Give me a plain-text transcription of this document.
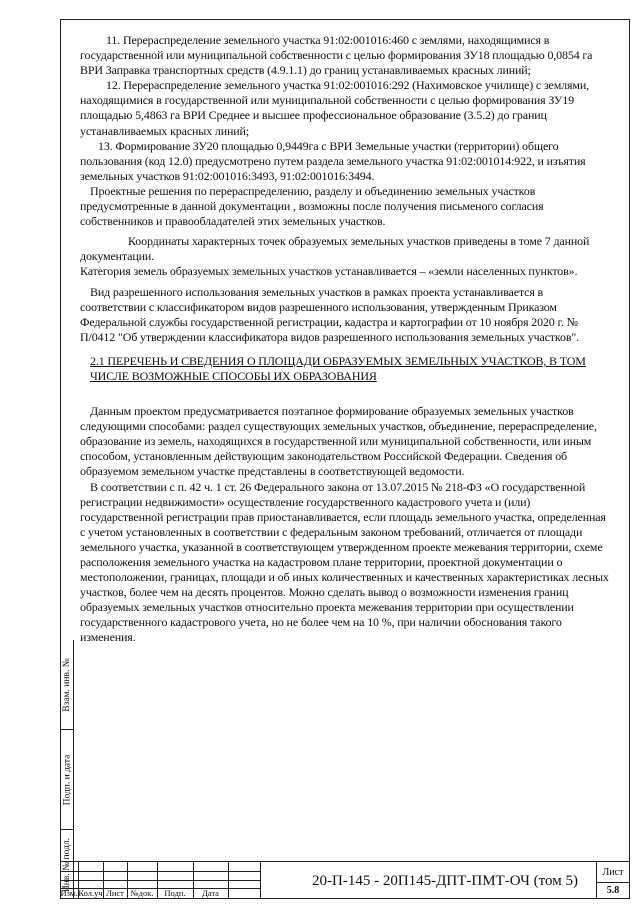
11. Перераспределение земельного участка 91:02:001016:460 с землями, находящимися в государственной или муниципальной собственности с целью формирования ЗУ18 площадью 0,0854 га ВРИ Заправка транспортных средств (4.9.1.1) до границ устанавливаемых красных линий;

12. Перераспределение земельного участка 91:02:001016:292 (Нахимовское училище) с землями, находящимися в государственной или муниципальной собственности с целью формирования ЗУ19 площадью 5,4863 га ВРИ Среднее и высшее профессиональное образование (3.5.2) до границ устанавливаемых красных линий;

13. Формирование ЗУ20 площадью 0,9449га с ВРИ Земельные участки (территории) общего пользования (код 12.0) предусмотрено путем раздела земельного участка 91:02:001014:922, и изъятия земельных участков 91:02:001016:3493, 91:02:001016:3494.

Проектные решения по перераспределению, разделу и объединению земельных участков предусмотренные в данной документации , возможны после получения письменого согласия собственников и правообладателей этих земельных участков.

Координаты характерных точек образуемых земельных участков приведены в томе 7 данной документации.

Категория земель образуемых земельных участков устанавливается – «земли населенных пунктов».

Вид разрешенного использования земельных участков в рамках проекта устанавливается в соответствии с классификатором видов разрешенного использования, утвержденным Приказом Федеральной службы государственной регистрации, кадастра и картографии от 10 ноября 2020 г. № П/0412 "Об утверждении классификатора видов разрешенного использования земельных участков".

2.1 ПЕРЕЧЕНЬ И СВЕДЕНИЯ О ПЛОЩАДИ ОБРАЗУЕМЫХ ЗЕМЕЛЬНЫХ УЧАСТКОВ, В ТОМ ЧИСЛЕ ВОЗМОЖНЫЕ СПОСОБЫ ИХ ОБРАЗОВАНИЯ

Данным проектом предусматривается поэтапное формирование образуемых земельных участков следующими способами: раздел существующих земельных участков, объединение, перераспределение, образование из земель, находящихся в государственной или муниципальной собственности, или иным способом, установленным действующим законодательством Российской Федерации. Сведения об образуемом земельном участке представлены в соответствующей ведомости.

В соответствии с п. 42 ч. 1 ст. 26 Федерального закона от 13.07.2015 № 218-ФЗ «О государственной регистрации недвижимости» осуществление государственного кадастрового учета и (или) государственной регистрации прав приостанавливается, если площадь земельного участка, определенная с учетом установленных в соответствии с федеральным законом требований, отличается от площади земельного участка, указанной в соответствующем утвержденном проекте межевания территории, схеме расположения земельного участка на кадастровом плане территории, проектной документации о местоположении, границах, площади и об иных количественных и качественных характеристиках лесных участков, более чем на десять процентов. Можно сделать вывод о возможности изменения границ образуемых земельных участков относительно проекта межевания территории при осуществлении государственного кадастрового учета, но не более чем на 10 %, при наличии обоснования такого изменения.

Взам. инв. №
Подп. и дата
Инв. № подл.
Изм. Кол.уч Лист №док.	Подп.	Дата
20-П-145 - 20П145-ДПТ-ПМТ-ОЧ (том 5)
Лист
5.8
